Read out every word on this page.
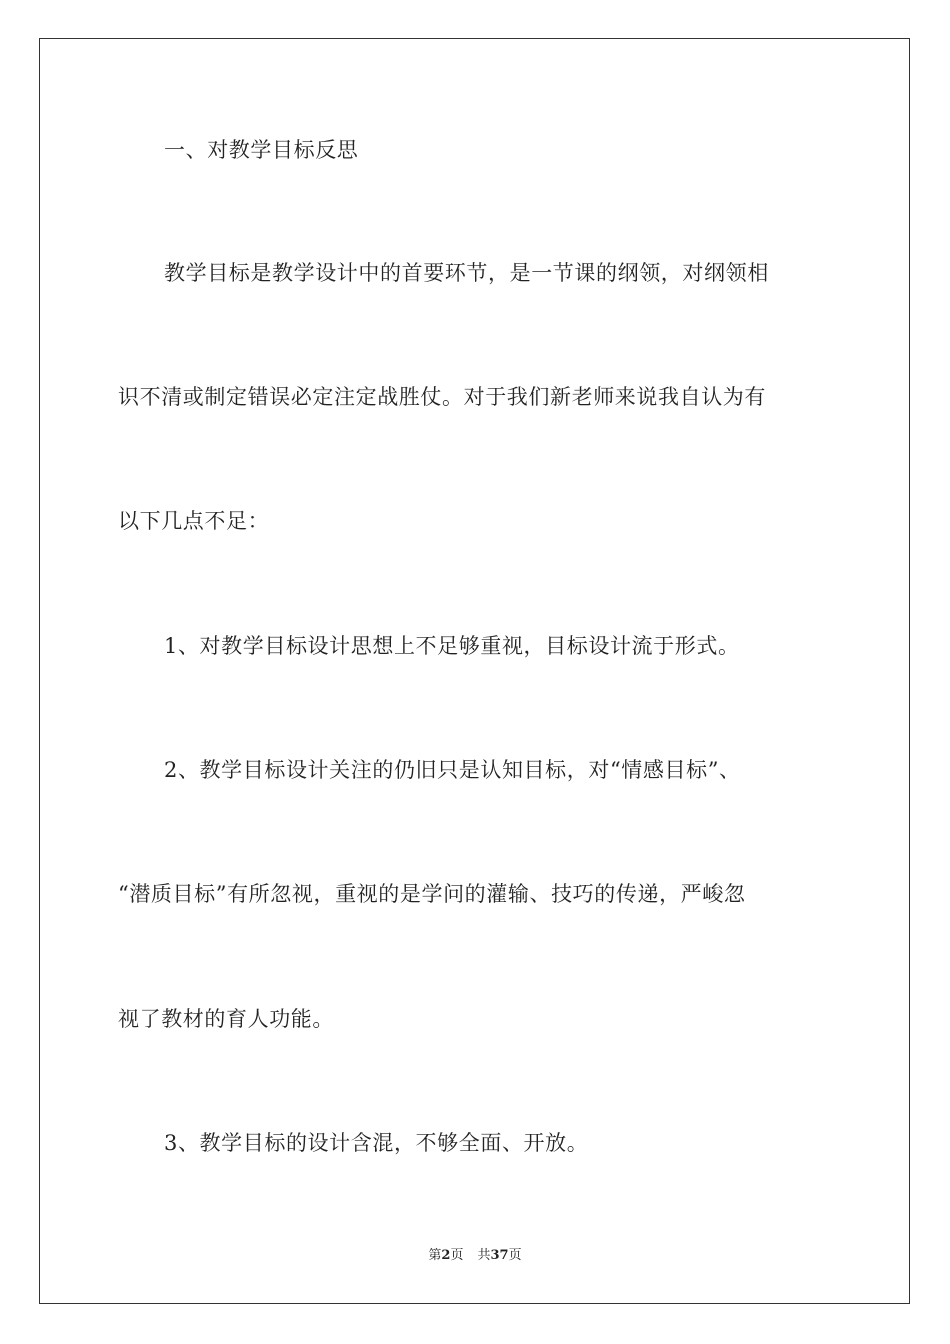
一、对教学目标反思
教学目标是教学设计中的首要环节，是一节课的纲领，对纲领相
识不清或制定错误必定注定战胜仗。对于我们新老师来说我自认为有
以下几点不足：
1、对教学目标设计思想上不足够重视，目标设计流于形式。
2、教学目标设计关注的仍旧只是认知目标，对“情感目标”、
“潜质目标”有所忽视，重视的是学问的灌输、技巧的传递，严峻忽
视了教材的育人功能。
3、教学目标的设计含混，不够全面、开放。
第2页 共37页
